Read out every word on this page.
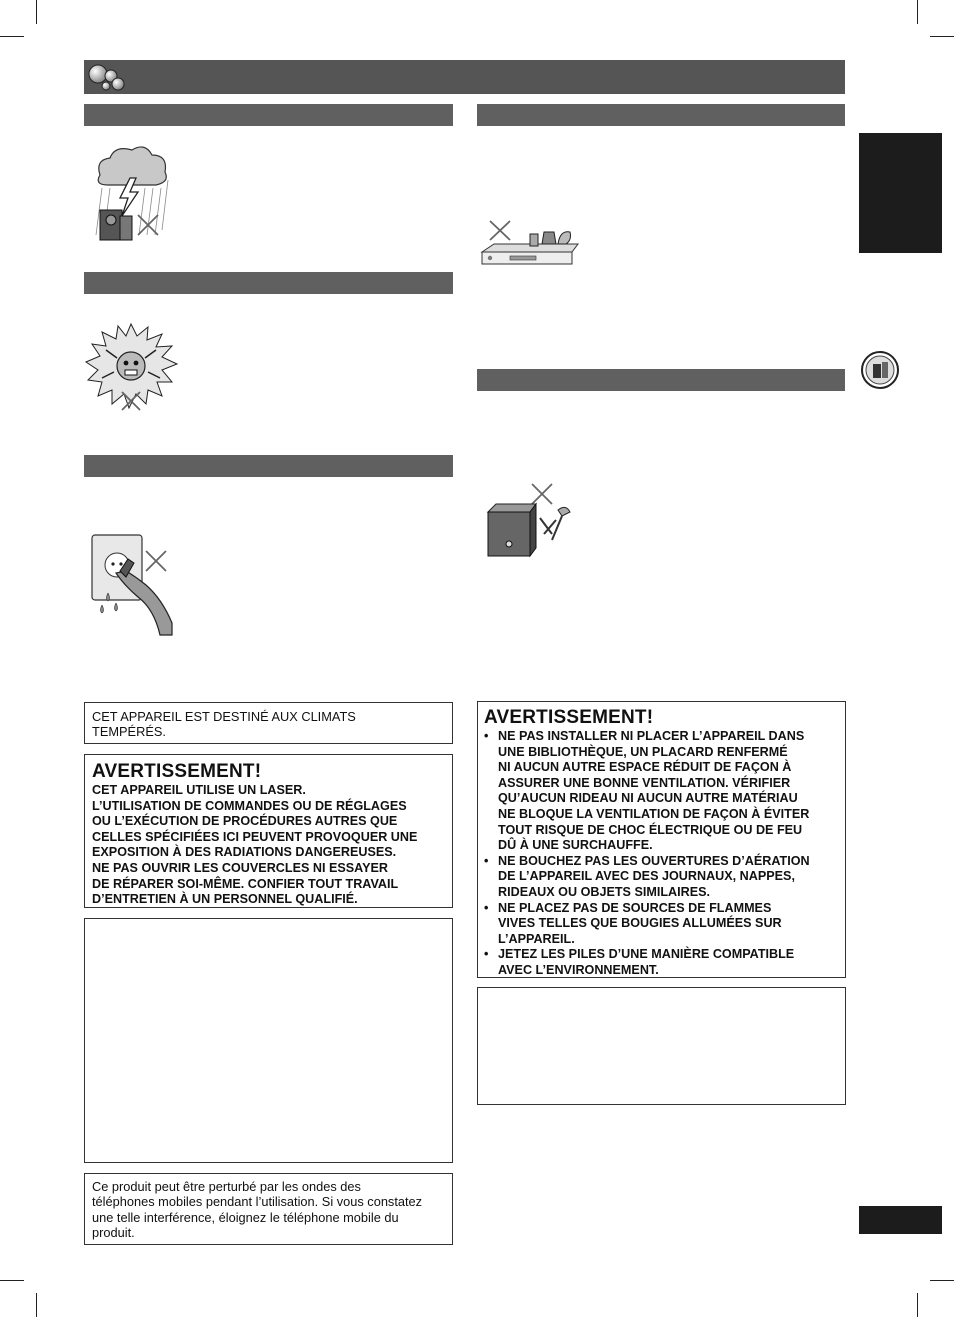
CET APPAREIL EST DESTINÉ AUX CLIMATS
TEMPÉRÉS.
AVERTISSEMENT!
CET APPAREIL UTILISE UN LASER.
L’UTILISATION DE COMMANDES OU DE RÉGLAGES
OU L’EXÉCUTION DE PROCÉDURES AUTRES QUE
CELLES SPÉCIFIÉES ICI PEUVENT PROVOQUER UNE
EXPOSITION À DES RADIATIONS DANGEREUSES.
NE PAS OUVRIR LES COUVERCLES NI ESSAYER
DE RÉPARER SOI-MÊME. CONFIER TOUT TRAVAIL
D’ENTRETIEN À UN PERSONNEL QUALIFIÉ.
Ce produit peut être perturbé par les ondes des
téléphones mobiles pendant l’utilisation. Si vous constatez
une telle interférence, éloignez le téléphone mobile du
produit.
AVERTISSEMENT!
• NE PAS INSTALLER NI PLACER L’APPAREIL DANS
UNE BIBLIOTHÈQUE, UN PLACARD RENFERMÉ
NI AUCUN AUTRE ESPACE RÉDUIT DE FAÇON À
ASSURER UNE BONNE VENTILATION. VÉRIFIER
QU’AUCUN RIDEAU NI AUCUN AUTRE MATÉRIAU
NE BLOQUE LA VENTILATION DE FAÇON À ÉVITER
TOUT RISQUE DE CHOC ÉLECTRIQUE OU DE FEU
DÛ À UNE SURCHAUFFE.
• NE BOUCHEZ PAS LES OUVERTURES D’AÉRATION
DE L’APPAREIL AVEC DES JOURNAUX, NAPPES,
RIDEAUX OU OBJETS SIMILAIRES.
• NE PLACEZ PAS DE SOURCES DE FLAMMES
VIVES TELLES QUE BOUGIES ALLUMÉES SUR
L’APPAREIL.
• JETEZ LES PILES D’UNE MANIÈRE COMPATIBLE
AVEC L’ENVIRONNEMENT.
